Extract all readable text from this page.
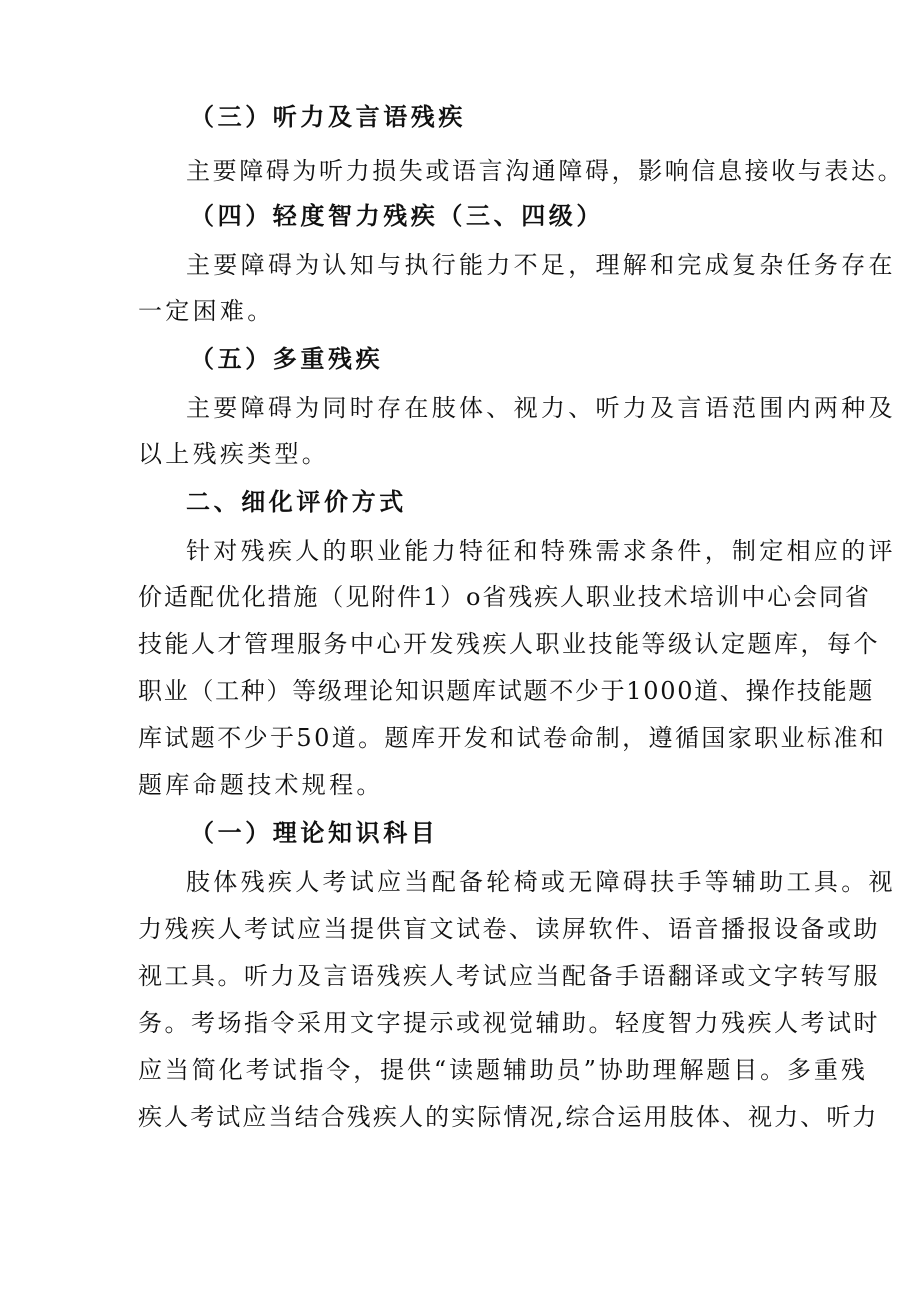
（三）听力及言语残疾
主要障碍为听力损失或语言沟通障碍，影响信息接收与表达。
（四）轻度智力残疾（三、四级）
主要障碍为认知与执行能力不足，理解和完成复杂任务存在
一定困难。
（五）多重残疾
主要障碍为同时存在肢体、视力、听力及言语范围内两种及
以上残疾类型。
二、细化评价方式
针对残疾人的职业能力特征和特殊需求条件，制定相应的评
价适配优化措施（见附件1）o省残疾人职业技术培训中心会同省
技能人才管理服务中心开发残疾人职业技能等级认定题库，每个
职业（工种）等级理论知识题库试题不少于1000道、操作技能题
库试题不少于50道。题库开发和试卷命制，遵循国家职业标准和
题库命题技术规程。
（一）理论知识科目
肢体残疾人考试应当配备轮椅或无障碍扶手等辅助工具。视
力残疾人考试应当提供盲文试卷、读屏软件、语音播报设备或助
视工具。听力及言语残疾人考试应当配备手语翻译或文字转写服
务。考场指令采用文字提示或视觉辅助。轻度智力残疾人考试时
应当简化考试指令，提供“读题辅助员”协助理解题目。多重残
疾人考试应当结合残疾人的实际情况,综合运用肢体、视力、听力
